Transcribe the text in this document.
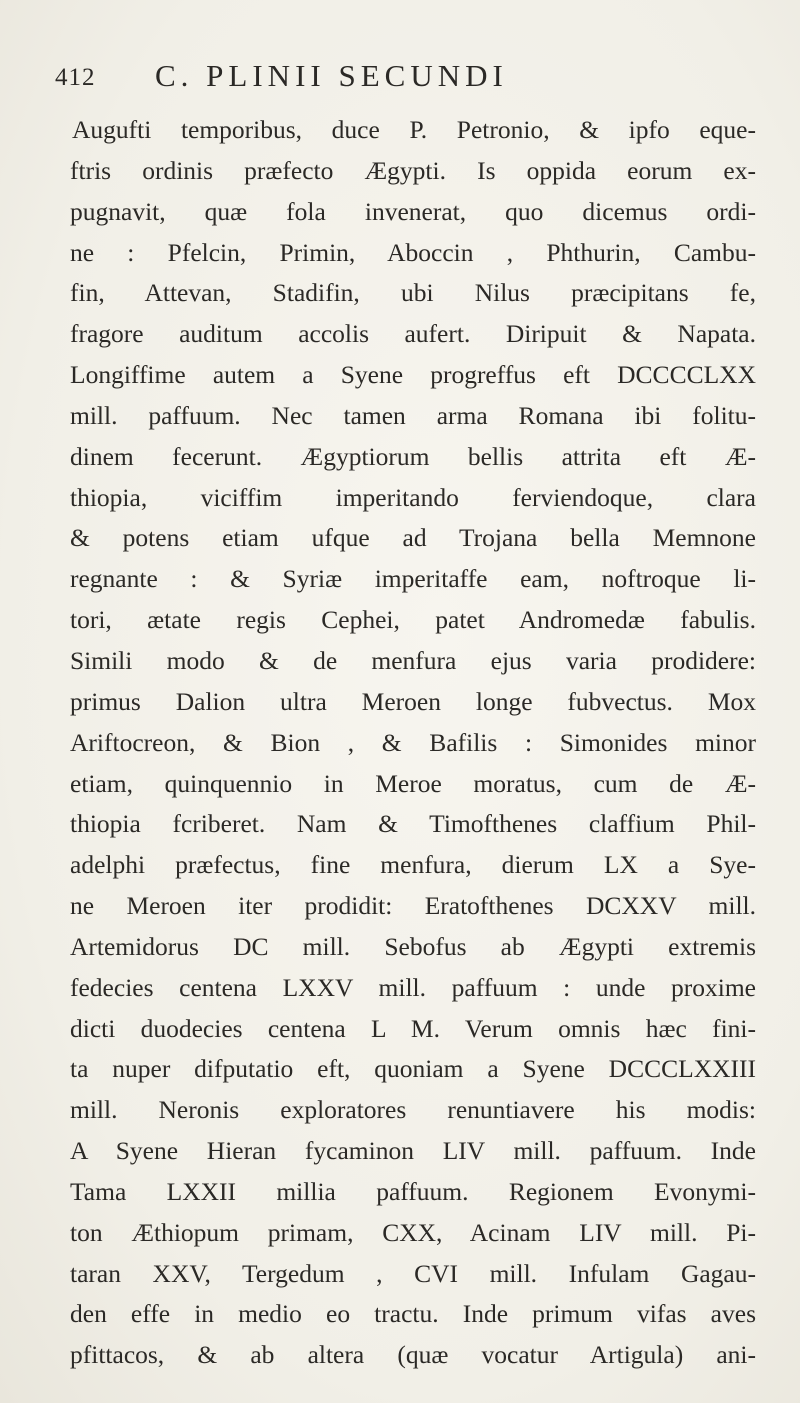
412 C. PLINII SECUNDI
Augufti temporibus, duce P. Petronio, & ipfo eque-
ftris ordinis præfecto Ægypti. Is oppida eorum ex-
pugnavit, quæ fola invenerat, quo dicemus ordi-
ne : Pfelcin, Primin, Aboccin , Phthurin, Cambu-
fin, Attevan, Stadifin, ubi Nilus præcipitans fe,
fragore auditum accolis aufert. Diripuit & Napata.
Longiffime autem a Syene progreffus eft DCCCCLXX
mill. paffuum. Nec tamen arma Romana ibi folitu-
dinem fecerunt. Ægyptiorum bellis attrita eft Æ-
thiopia, viciffim imperitando ferviendoque, clara
& potens etiam ufque ad Trojana bella Memnone
regnante : & Syriæ imperitaffe eam, noftroque li-
tori, ætate regis Cephei, patet Andromedæ fabulis.
Simili modo & de menfura ejus varia prodidere:
primus Dalion ultra Meroen longe fubvectus. Mox
Ariftocreon, & Bion , & Bafilis : Simonides minor
etiam, quinquennio in Meroe moratus, cum de Æ-
thiopia fcriberet. Nam & Timofthenes claffium Phil-
adelphi præfectus, fine menfura, dierum LX a Sye-
ne Meroen iter prodidit: Eratofthenes DCXXV mill.
Artemidorus DC mill. Sebofus ab Ægypti extremis
fedecies centena LXXV mill. paffuum : unde proxime
dicti duodecies centena L M. Verum omnis hæc fini-
ta nuper difputatio eft, quoniam a Syene DCCCLXXIII
mill. Neronis exploratores renuntiavere his modis:
A Syene Hieran fycaminon LIV mill. paffuum. Inde
Tama LXXII millia paffuum. Regionem Evonymi-
ton Æthiopum primam, CXX, Acinam LIV mill. Pi-
taran XXV, Tergedum , CVI mill. Infulam Gagau-
den effe in medio eo tractu. Inde primum vifas aves
pfittacos, & ab altera (quæ vocatur Artigula) ani-
